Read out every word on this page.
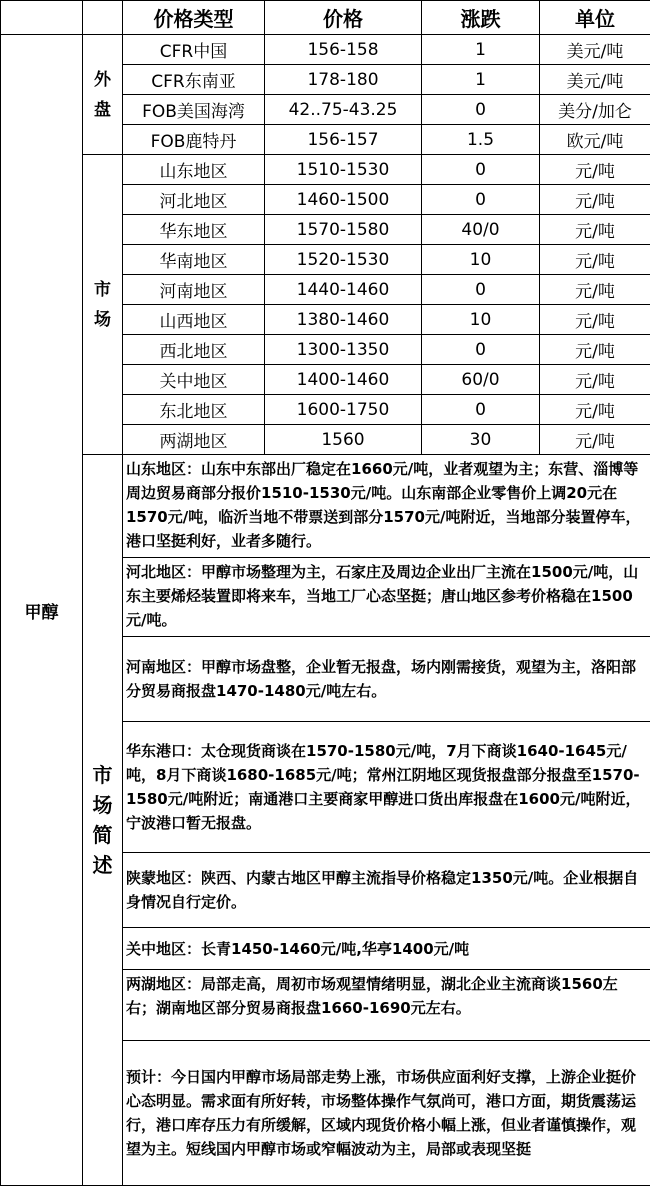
		价格类型	价格	涨跌	单位
甲醇	外盘	CFR中国	156-158	1	美元/吨
		CFR东南亚	178-180	1	美元/吨
		FOB美国海湾	42..75-43.25	0	美分/加仑
		FOB鹿特丹	156-157	1.5	欧元/吨
	市场	山东地区	1510-1530	0	元/吨
		河北地区	1460-1500	0	元/吨
		华东地区	1570-1580	40/0	元/吨
		华南地区	1520-1530	10	元/吨
		河南地区	1440-1460	0	元/吨
		山西地区	1380-1460	10	元/吨
		西北地区	1300-1350	0	元/吨
		关中地区	1400-1460	60/0	元/吨
		东北地区	1600-1750	0	元/吨
		两湖地区	1560	30	元/吨
	市场简述	山东地区：山东中东部出厂稳定在1660元/吨，业者观望为主；东营、淄博等周边贸易商部分报价1510-1530元/吨。山东南部企业零售价上调20元在1570元/吨，临沂当地不带票送到部分1570元/吨附近，当地部分装置停车，港口坚挺利好，业者多随行。			
		河北地区：甲醇市场整理为主，石家庄及周边企业出厂主流在1500元/吨，山东主要烯烃装置即将来车，当地工厂心态坚挺；唐山地区参考价格稳在1500元/吨。			
		河南地区：甲醇市场盘整，企业暂无报盘，场内刚需接货，观望为主，洛阳部分贸易商报盘1470-1480元/吨左右。			
		华东港口：太仓现货商谈在1570-1580元/吨，7月下商谈1640-1645元/吨，8月下商谈1680-1685元/吨；常州江阴地区现货报盘部分报盘至1570-1580元/吨附近；南通港口主要商家甲醇进口货出库报盘在1600元/吨附近，宁波港口暂无报盘。			
		陕蒙地区：陕西、内蒙古地区甲醇主流指导价格稳定1350元/吨。企业根据自身情况自行定价。			
		关中地区：长青1450-1460元/吨,华亭1400元/吨			
		两湖地区：局部走高，周初市场观望情绪明显，湖北企业主流商谈1560左右；湖南地区部分贸易商报盘1660-1690元左右。			
		预计：今日国内甲醇市场局部走势上涨，市场供应面利好支撑，上游企业挺价心态明显。需求面有所好转，市场整体操作气氛尚可，港口方面，期货震荡运行，港口库存压力有所缓解，区域内现货价格小幅上涨，但业者谨慎操作，观望为主。短线国内甲醇市场或窄幅波动为主，局部或表现坚挺			
